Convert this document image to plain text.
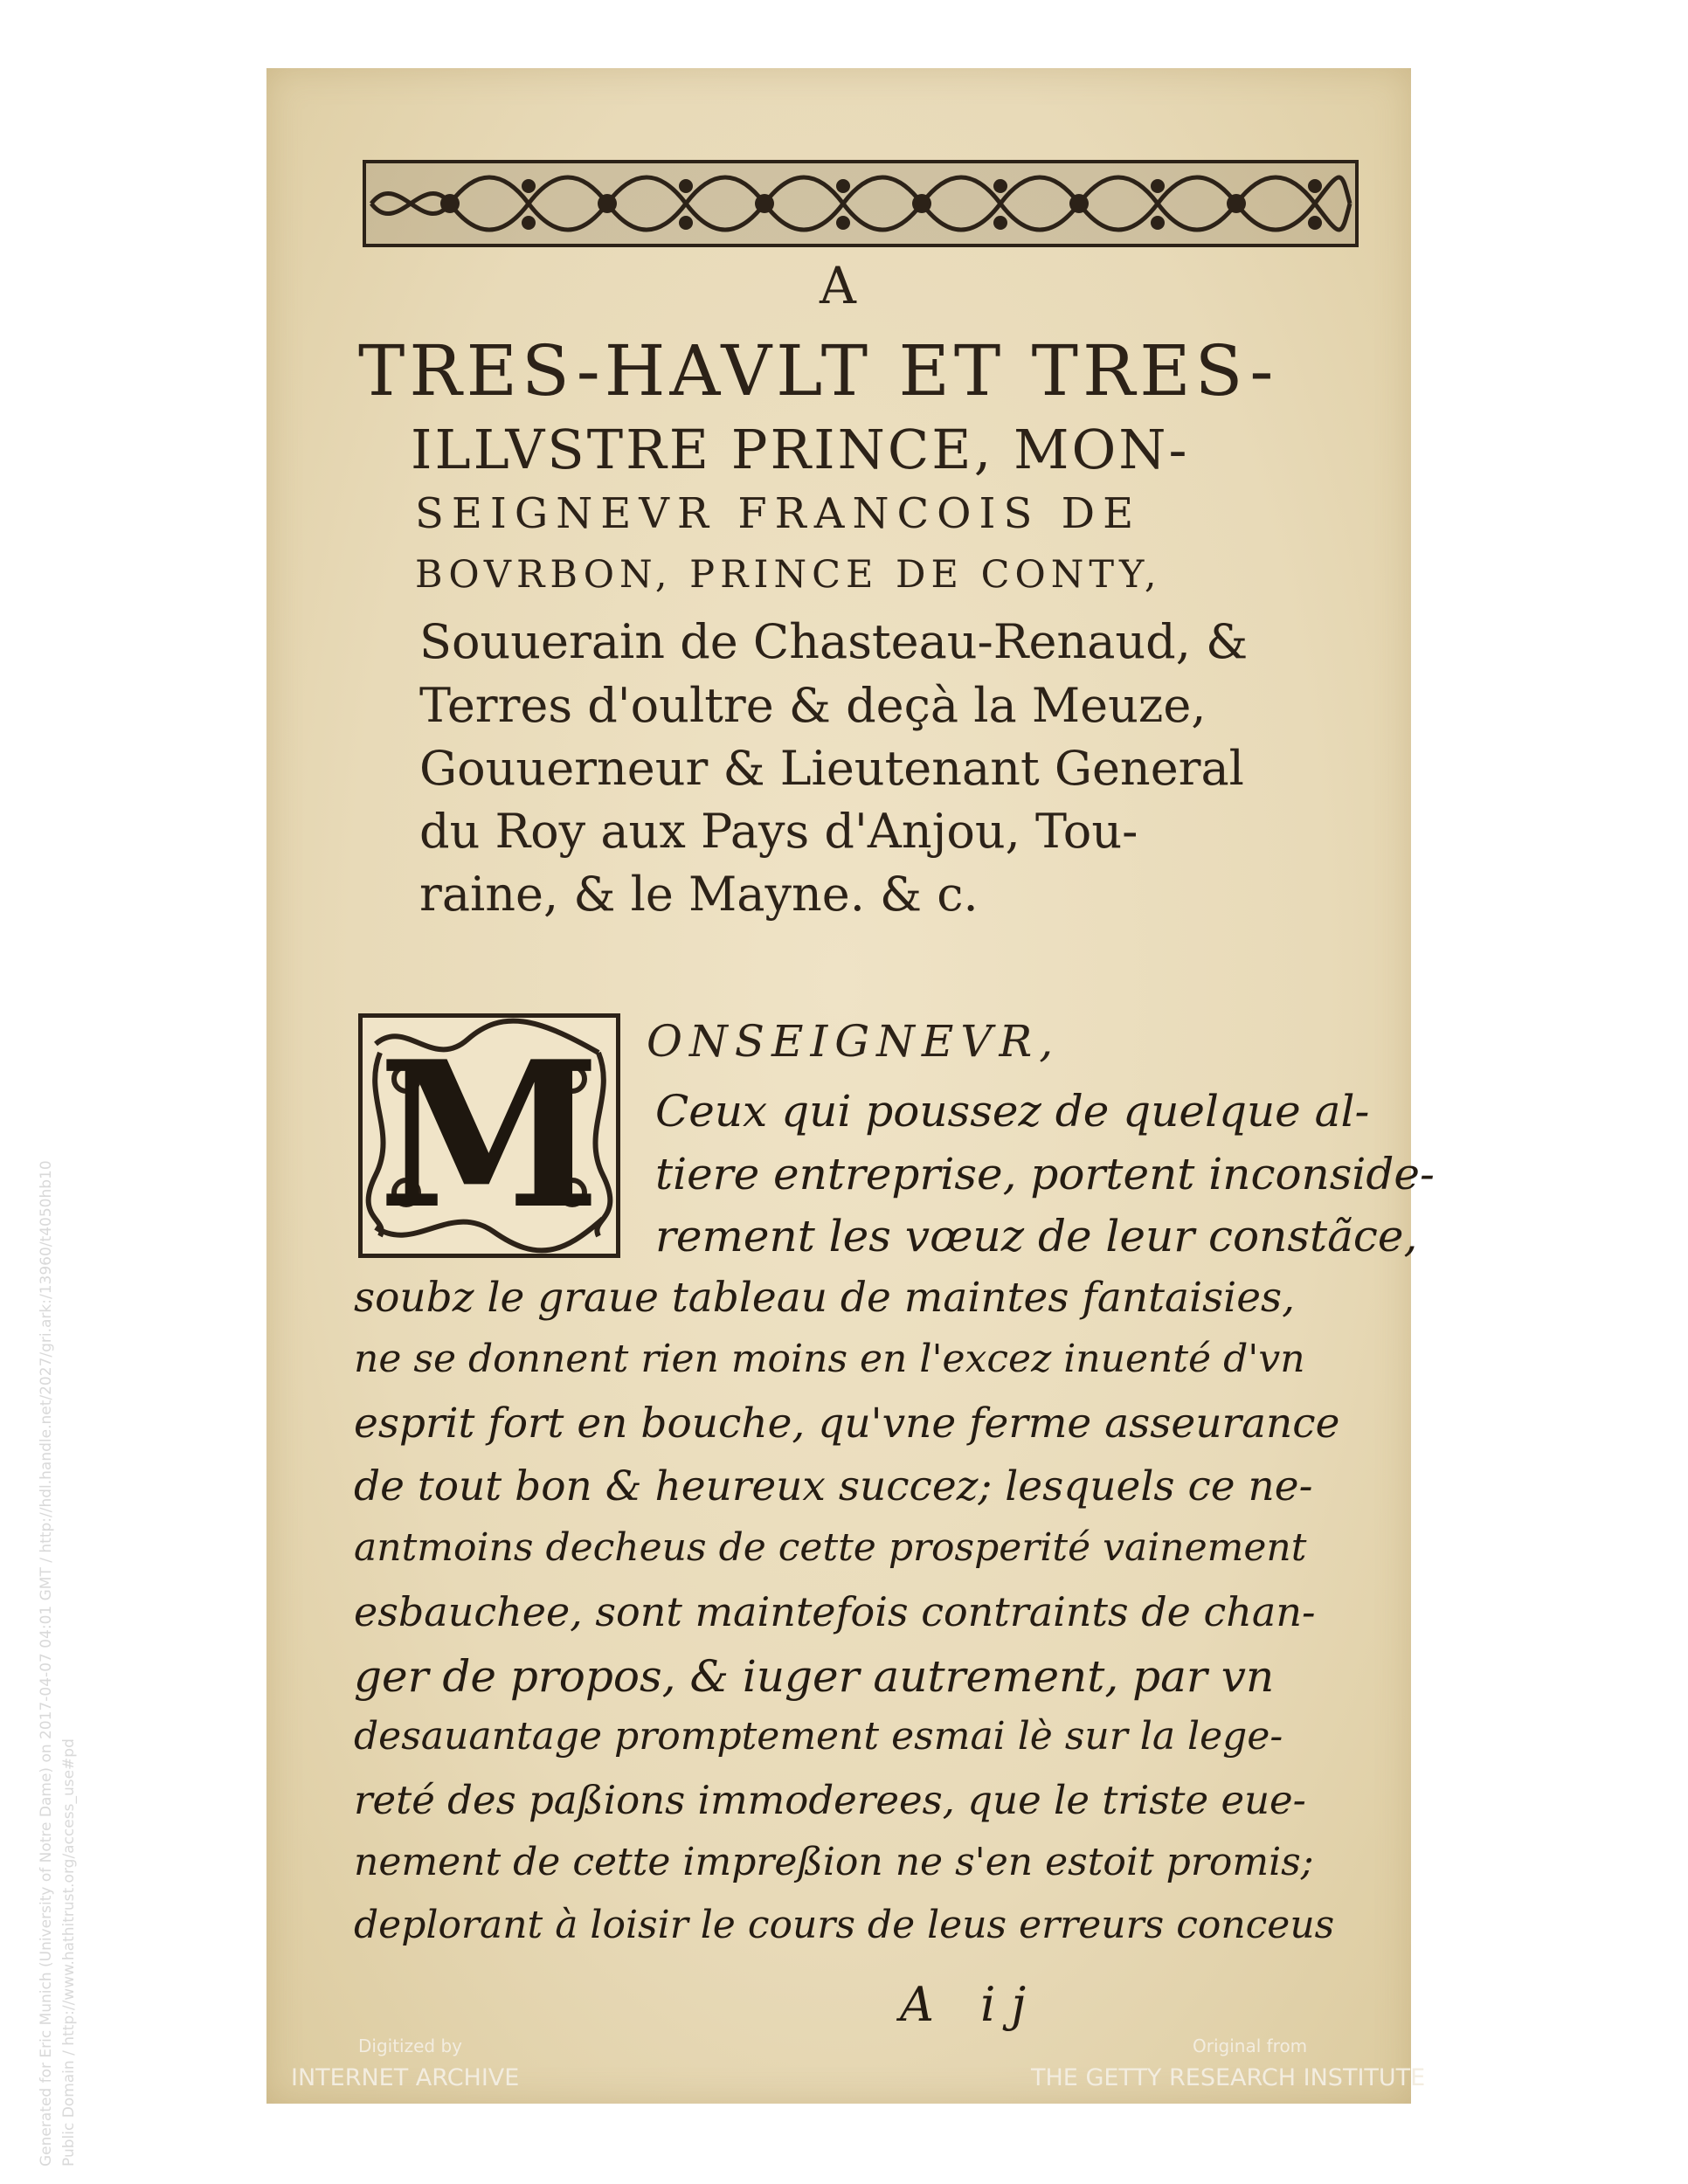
Generated for Eric Munich (University of Notre Dame) on 2017-04-07 04:01 GMT / http://hdl.handle.net/2027/gri.ark:/13960/t4050hb10 Public Domain / http://www.hathitrust.org/access_use#pd
A
TRES-HAVLT ET TRES-
ILLVSTRE PRINCE, MON-
SEIGNEVR FRANCOIS DE
BOVRBON, PRINCE DE CONTY,
Souuerain de Chasteau-Renaud, &
Terres d'oultre & deçà la Meuze,
Gouuerneur & Lieutenant General
du Roy aux Pays d'Anjou, Tou-
raine, & le Mayne. & c.
M	ONSEIGNEVR,
Ceux qui poussez de quelque al-
tiere entreprise, portent inconside-
rement les vœuz de leur constãce,
soubz le graue tableau de maintes fantaisies,
ne se donnent rien moins en l'excez inuenté d'vn
esprit fort en bouche, qu'vne ferme asseurance
de tout bon & heureux succez; lesquels ce ne-
antmoins decheus de cette prosperité vainement
esbauchee, sont maintefois contraints de chan-
ger de propos, & iuger autrement, par vn
desauantage promptement esmai lè sur la lege-
reté des paßions immoderees, que le triste eue-
nement de cette impreßion ne s'en estoit promis;
deplorant à loisir le cours de leus erreurs conceus
A ij
Digitized by
INTERNET ARCHIVE
Original from
THE GETTY RESEARCH INSTITUTE
